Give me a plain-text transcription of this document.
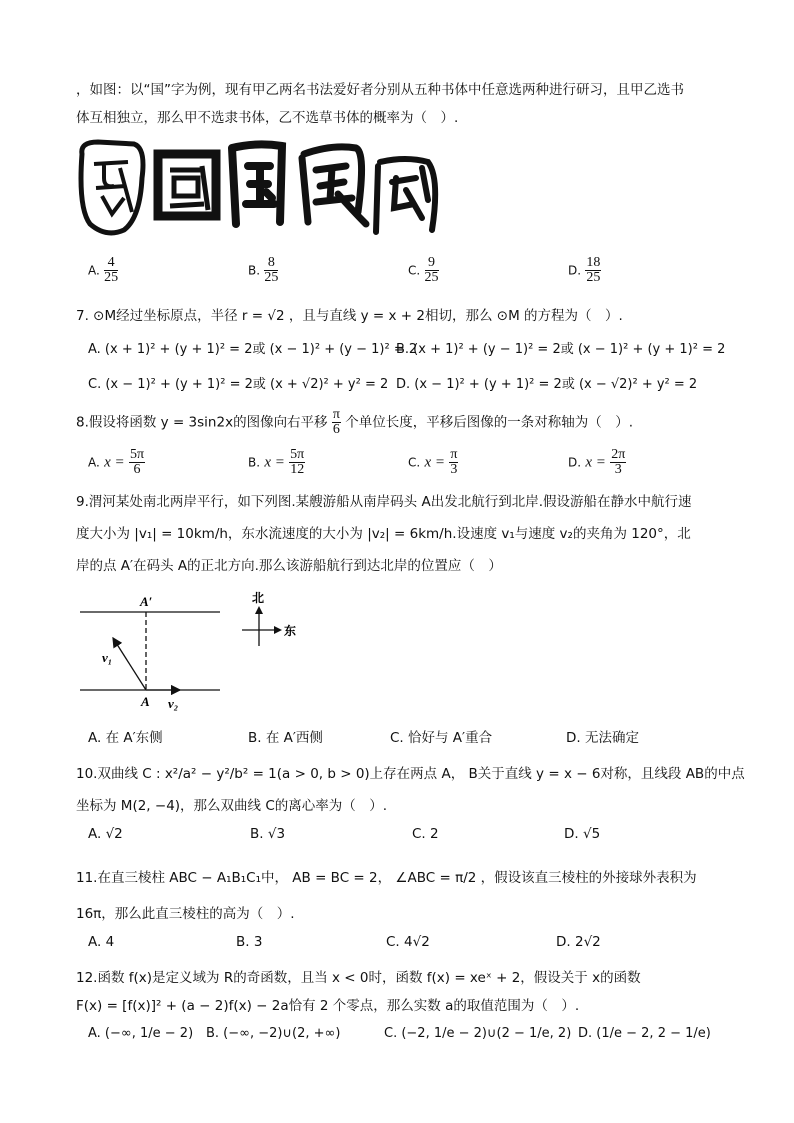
，如图：以“国”字为例，现有甲乙两名书法爱好者分别从五种书体中任意选两种进行研习，且甲乙选书
体互相独立，那么甲不选隶书体，乙不选草书体的概率为（　）.
A. $\frac{4}{25}$	B. $\frac{8}{25}$	C. $\frac{9}{25}$	D. $\frac{18}{25}$
7. ⊙M经过坐标原点，半径 r = √2 ，且与直线 y = x + 2相切，那么 ⊙M 的方程为（　）.
A. (x + 1)² + (y + 1)² = 2或 (x − 1)² + (y − 1)² = 2
B. (x + 1)² + (y − 1)² = 2或 (x − 1)² + (y + 1)² = 2
C. (x − 1)² + (y + 1)² = 2或 (x + √2)² + y² = 2 D. (x − 1)² + (y + 1)² = 2或 (x − √2)² + y² = 2
8.假设将函数 y = 3sin2x的图像向右平移 $\frac{\pi}{6}$ 个单位长度，平移后图像的一条对称轴为（　）.
A. $x = \frac{5\pi}{6}$	B. $x = \frac{5\pi}{12}$	C. $x = \frac{\pi}{3}$	D. $x = \frac{2\pi}{3}$
9.渭河某处南北两岸平行，如下列图.某艘游船从南岸码头 A出发北航行到北岸.假设游船在静水中航行速
度大小为 |v₁| = 10km/h，东水流速度的大小为 |v₂| = 6km/h.设速度 v₁与速度 v₂的夹角为 120°，北
岸的点 A′在码头 A的正北方向.那么该游船航行到达北岸的位置应（　）
A′
A
v₁
v₂
北
东
A. 在 A′东侧	B. 在 A′西侧	C. 恰好与 A′重合	D. 无法确定
10.双曲线 C : x²/a² − y²/b² = 1(a > 0, b > 0)上存在两点 A， B关于直线 y = x − 6对称，且线段 AB的中点
坐标为 M(2, −4)，那么双曲线 C的离心率为（　）.
A. √2	B. √3	C. 2	D. √5
11.在直三棱柱 ABC − A₁B₁C₁中， AB = BC = 2， ∠ABC = π/2 ，假设该直三棱柱的外接球外表积为
16π，那么此直三棱柱的高为（　）.
A. 4	B. 3	C. 4√2	D. 2√2
12.函数 f(x)是定义域为 R的奇函数，且当 x < 0时，函数 f(x) = xeˣ + 2，假设关于 x的函数
F(x) = [f(x)]² + (a − 2)f(x) − 2a恰有 2 个零点，那么实数 a的取值范围为（　）.
A. (−∞, 1/e − 2) B. (−∞, −2)∪(2, +∞)	C. (−2, 1/e − 2)∪(2 − 1/e, 2) D. (1/e − 2, 2 − 1/e)
